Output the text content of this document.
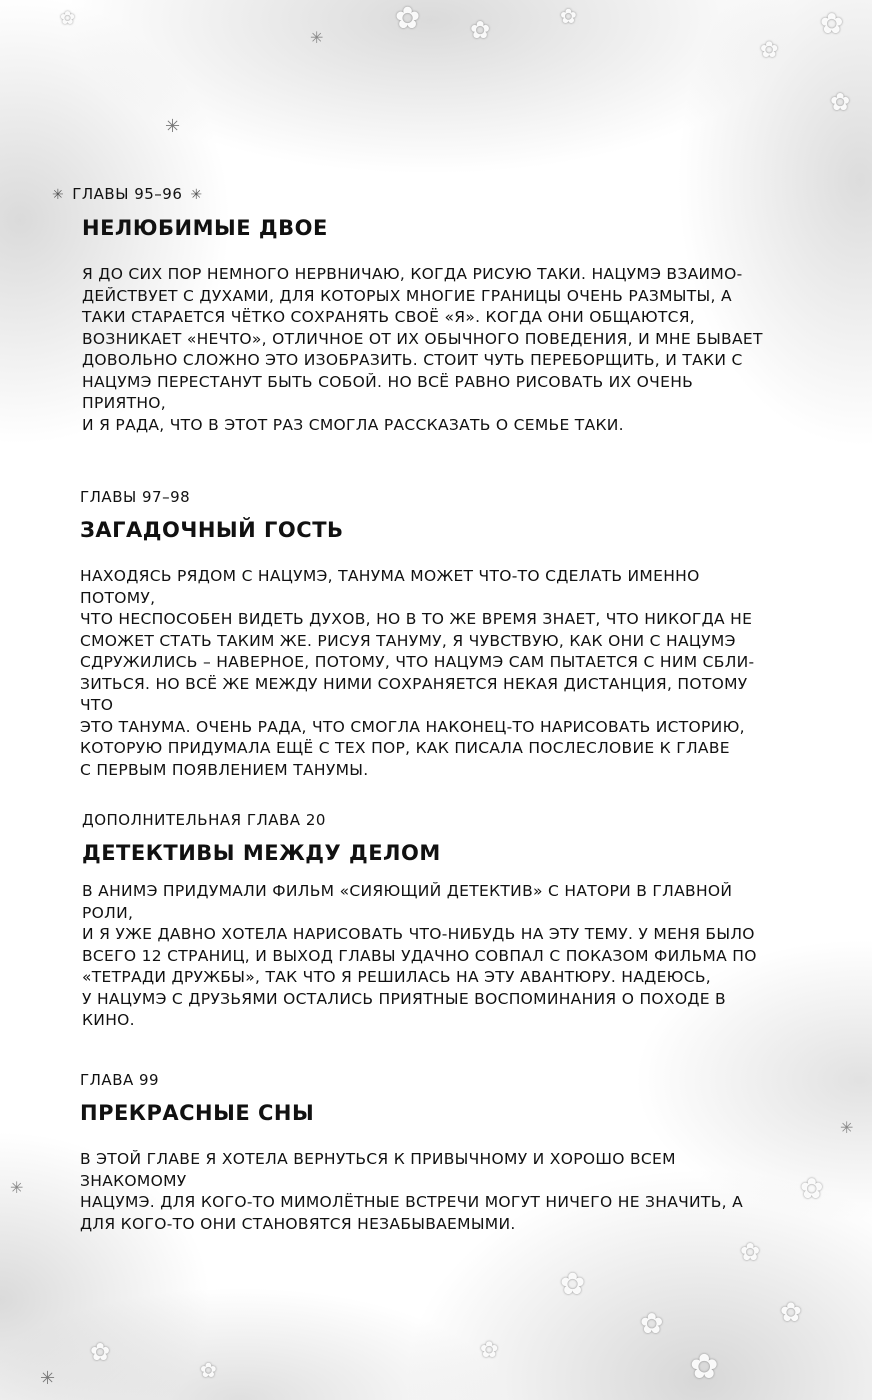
✿ ✿	✿
✿
✿
✿
✿
✳
✳
✿
✿
✿
✿
✿
✿
✿
✿
✿
✳
✳
✳

✳ ГЛАВЫ 95–96 ✳

НЕЛЮБИМЫЕ ДВОЕ

Я ДО СИХ ПОР НЕМНОГО НЕРВНИЧАЮ, КОГДА РИСУЮ ТАКИ. НАЦУМЭ ВЗАИМО-
ДЕЙСТВУЕТ С ДУХАМИ, ДЛЯ КОТОРЫХ МНОГИЕ ГРАНИЦЫ ОЧЕНЬ РАЗМЫТЫ, А
ТАКИ СТАРАЕТСЯ ЧЁТКО СОХРАНЯТЬ СВОЁ «Я». КОГДА ОНИ ОБЩАЮТСЯ,
ВОЗНИКАЕТ «НЕЧТО», ОТЛИЧНОЕ ОТ ИХ ОБЫЧНОГО ПОВЕДЕНИЯ, И МНЕ БЫВАЕТ
ДОВОЛЬНО СЛОЖНО ЭТО ИЗОБРАЗИТЬ. СТОИТ ЧУТЬ ПЕРЕБОРЩИТЬ, И ТАКИ С
НАЦУМЭ ПЕРЕСТАНУТ БЫТЬ СОБОЙ. НО ВСЁ РАВНО РИСОВАТЬ ИХ ОЧЕНЬ ПРИЯТНО,
И Я РАДА, ЧТО В ЭТОТ РАЗ СМОГЛА РАССКАЗАТЬ О СЕМЬЕ ТАКИ.

ГЛАВЫ 97–98

ЗАГАДОЧНЫЙ ГОСТЬ

НАХОДЯСЬ РЯДОМ С НАЦУМЭ, ТАНУМА МОЖЕТ ЧТО-ТО СДЕЛАТЬ ИМЕННО ПОТОМУ,
ЧТО НЕСПОСОБЕН ВИДЕТЬ ДУХОВ, НО В ТО ЖЕ ВРЕМЯ ЗНАЕТ, ЧТО НИКОГДА НЕ
СМОЖЕТ СТАТЬ ТАКИМ ЖЕ. РИСУЯ ТАНУМУ, Я ЧУВСТВУЮ, КАК ОНИ С НАЦУМЭ
СДРУЖИЛИСЬ – НАВЕРНОЕ, ПОТОМУ, ЧТО НАЦУМЭ САМ ПЫТАЕТСЯ С НИМ СБЛИ-
ЗИТЬСЯ. НО ВСЁ ЖЕ МЕЖДУ НИМИ СОХРАНЯЕТСЯ НЕКАЯ ДИСТАНЦИЯ, ПОТОМУ ЧТО
ЭТО ТАНУМА. ОЧЕНЬ РАДА, ЧТО СМОГЛА НАКОНЕЦ-ТО НАРИСОВАТЬ ИСТОРИЮ,
КОТОРУЮ ПРИДУМАЛА ЕЩЁ С ТЕХ ПОР, КАК ПИСАЛА ПОСЛЕСЛОВИЕ К ГЛАВЕ
С ПЕРВЫМ ПОЯВЛЕНИЕМ ТАНУМЫ.

ДОПОЛНИТЕЛЬНАЯ ГЛАВА 20

ДЕТЕКТИВЫ МЕЖДУ ДЕЛОМ

В АНИМЭ ПРИДУМАЛИ ФИЛЬМ «СИЯЮЩИЙ ДЕТЕКТИВ» С НАТОРИ В ГЛАВНОЙ РОЛИ,
И Я УЖЕ ДАВНО ХОТЕЛА НАРИСОВАТЬ ЧТО-НИБУДЬ НА ЭТУ ТЕМУ. У МЕНЯ БЫЛО
ВСЕГО 12 СТРАНИЦ, И ВЫХОД ГЛАВЫ УДАЧНО СОВПАЛ С ПОКАЗОМ ФИЛЬМА ПО
«ТЕТРАДИ ДРУЖБЫ», ТАК ЧТО Я РЕШИЛАСЬ НА ЭТУ АВАНТЮРУ. НАДЕЮСЬ,
У НАЦУМЭ С ДРУЗЬЯМИ ОСТАЛИСЬ ПРИЯТНЫЕ ВОСПОМИНАНИЯ О ПОХОДЕ В КИНО.

ГЛАВА 99

ПРЕКРАСНЫЕ СНЫ

В ЭТОЙ ГЛАВЕ Я ХОТЕЛА ВЕРНУТЬСЯ К ПРИВЫЧНОМУ И ХОРОШО ВСЕМ ЗНАКОМОМУ
НАЦУМЭ. ДЛЯ КОГО-ТО МИМОЛЁТНЫЕ ВСТРЕЧИ МОГУТ НИЧЕГО НЕ ЗНАЧИТЬ, А
ДЛЯ КОГО-ТО ОНИ СТАНОВЯТСЯ НЕЗАБЫВАЕМЫМИ.
